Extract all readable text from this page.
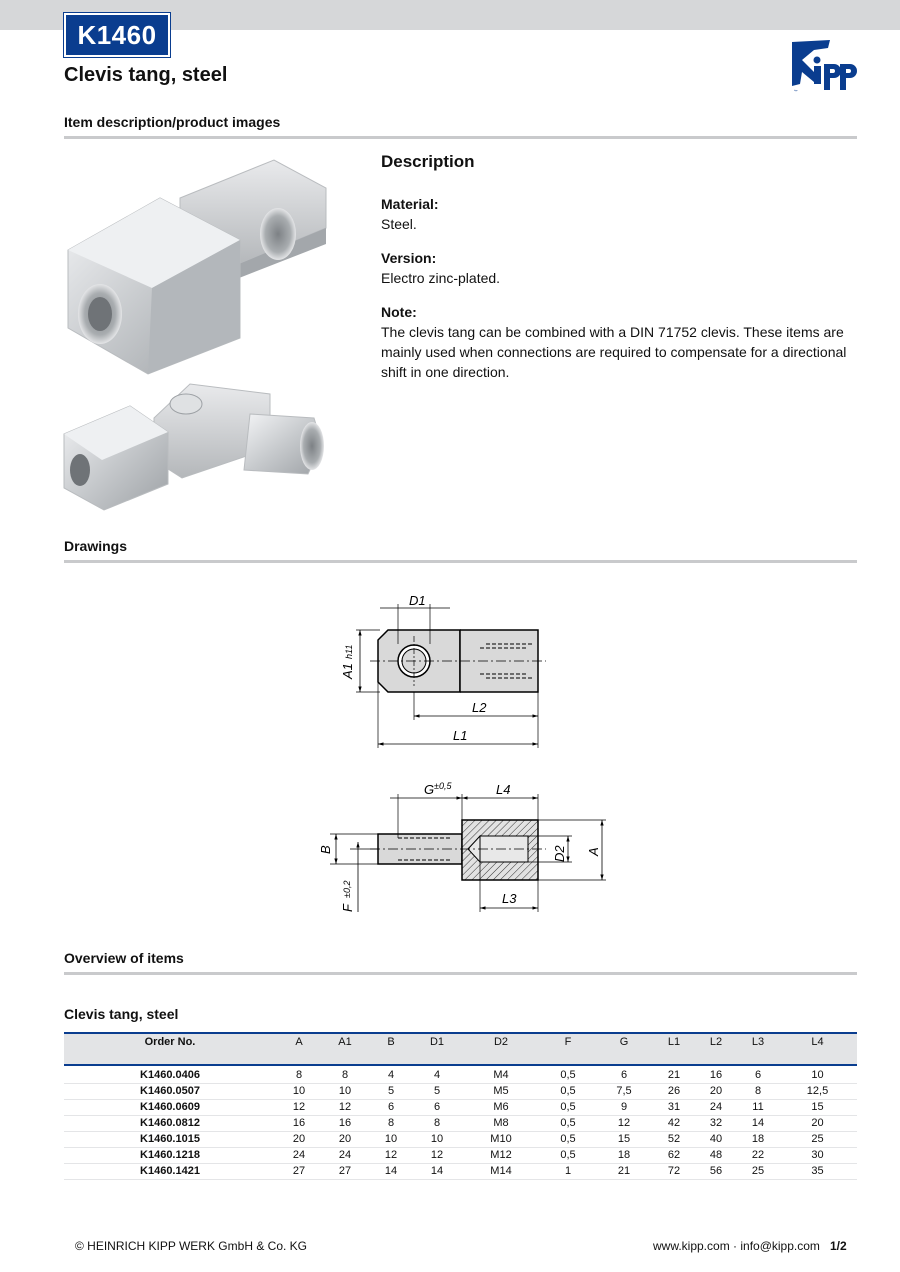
K1460
Clevis tang, steel
kipp
Item description/product images
Description
Material:

Steel.

Version:

Electro zinc-plated.

Note:

The clevis tang can be combined with a DIN 71752 clevis. These items are mainly used when connections are required to compensate for a directional shift in one direction.

Drawings
D1
A1
h11
L2
L1
G ±0,5	L4
B
F
±0,2
D2 A
L3
Overview of items
Clevis tang, steel
Order No.	A	A1	B	D1	D2	F	G	L1	L2	L3	L4
K1460.0406	8	8	4	4	M4	0,5	6	21	16	6	10
K1460.0507	10	10	5	5	M5	0,5	7,5	26	20	8	12,5
K1460.0609	12	12	6	6	M6	0,5	9	31	24	11	15
K1460.0812	16	16	8	8	M8	0,5	12	42	32	14	20
K1460.1015	20	20	10	10	M10	0,5	15	52	40	18	25
K1460.1218	24	24	12	12	M12	0,5	18	62	48	22	30
K1460.1421	27	27	14	14	M14	1	21	72	56	25	35
© HEINRICH KIPP WERK GmbH & Co. KG	www.kipp.com · info@kipp.com 1/2
